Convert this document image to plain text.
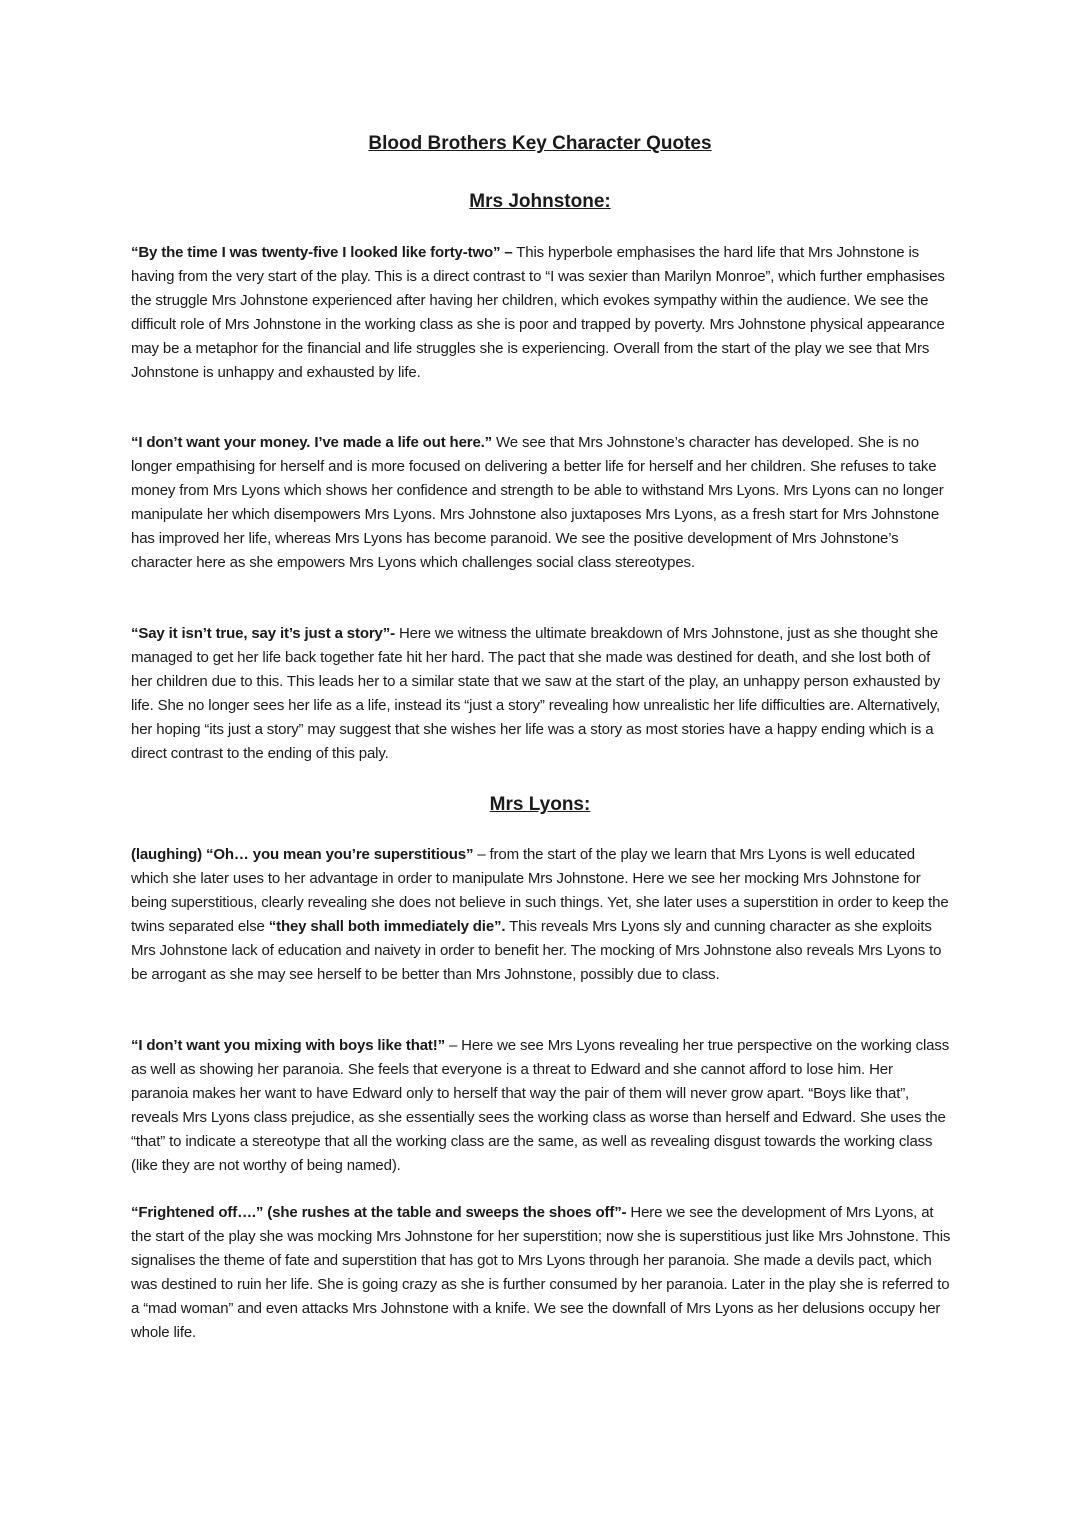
Blood Brothers Key Character Quotes
Mrs Johnstone:

“By the time I was twenty-five I looked like forty-two” – This hyperbole emphasises the hard life that Mrs Johnstone is having from the very start of the play. This is a direct contrast to “I was sexier than Marilyn Monroe”, which further emphasises the struggle Mrs Johnstone experienced after having her children, which evokes sympathy within the audience. We see the difficult role of Mrs Johnstone in the working class as she is poor and trapped by poverty. Mrs Johnstone physical appearance may be a metaphor for the financial and life struggles she is experiencing. Overall from the start of the play we see that Mrs Johnstone is unhappy and exhausted by life.

“I don’t want your money. I’ve made a life out here.” We see that Mrs Johnstone’s character has developed. She is no longer empathising for herself and is more focused on delivering a better life for herself and her children. She refuses to take money from Mrs Lyons which shows her confidence and strength to be able to withstand Mrs Lyons. Mrs Lyons can no longer manipulate her which disempowers Mrs Lyons. Mrs Johnstone also juxtaposes Mrs Lyons, as a fresh start for Mrs Johnstone has improved her life, whereas Mrs Lyons has become paranoid. We see the positive development of Mrs Johnstone’s character here as she empowers Mrs Lyons which challenges social class stereotypes.

“Say it isn’t true, say it’s just a story”- Here we witness the ultimate breakdown of Mrs Johnstone, just as she thought she managed to get her life back together fate hit her hard. The pact that she made was destined for death, and she lost both of her children due to this. This leads her to a similar state that we saw at the start of the play, an unhappy person exhausted by life. She no longer sees her life as a life, instead its “just a story” revealing how unrealistic her life difficulties are. Alternatively, her hoping “its just a story” may suggest that she wishes her life was a story as most stories have a happy ending which is a direct contrast to the ending of this paly.

Mrs Lyons:

(laughing) “Oh… you mean you’re superstitious” – from the start of the play we learn that Mrs Lyons is well educated which she later uses to her advantage in order to manipulate Mrs Johnstone. Here we see her mocking Mrs Johnstone for being superstitious, clearly revealing she does not believe in such things. Yet, she later uses a superstition in order to keep the twins separated else “they shall both immediately die”. This reveals Mrs Lyons sly and cunning character as she exploits Mrs Johnstone lack of education and naivety in order to benefit her. The mocking of Mrs Johnstone also reveals Mrs Lyons to be arrogant as she may see herself to be better than Mrs Johnstone, possibly due to class.

“I don’t want you mixing with boys like that!” – Here we see Mrs Lyons revealing her true perspective on the working class as well as showing her paranoia. She feels that everyone is a threat to Edward and she cannot afford to lose him. Her paranoia makes her want to have Edward only to herself that way the pair of them will never grow apart. “Boys like that”, reveals Mrs Lyons class prejudice, as she essentially sees the working class as worse than herself and Edward. She uses the “that” to indicate a stereotype that all the working class are the same, as well as revealing disgust towards the working class (like they are not worthy of being named).

“Frightened off….” (she rushes at the table and sweeps the shoes off”- Here we see the development of Mrs Lyons, at the start of the play she was mocking Mrs Johnstone for her superstition; now she is superstitious just like Mrs Johnstone. This signalises the theme of fate and superstition that has got to Mrs Lyons through her paranoia. She made a devils pact, which was destined to ruin her life. She is going crazy as she is further consumed by her paranoia. Later in the play she is referred to a “mad woman” and even attacks Mrs Johnstone with a knife. We see the downfall of Mrs Lyons as her delusions occupy her whole life.
